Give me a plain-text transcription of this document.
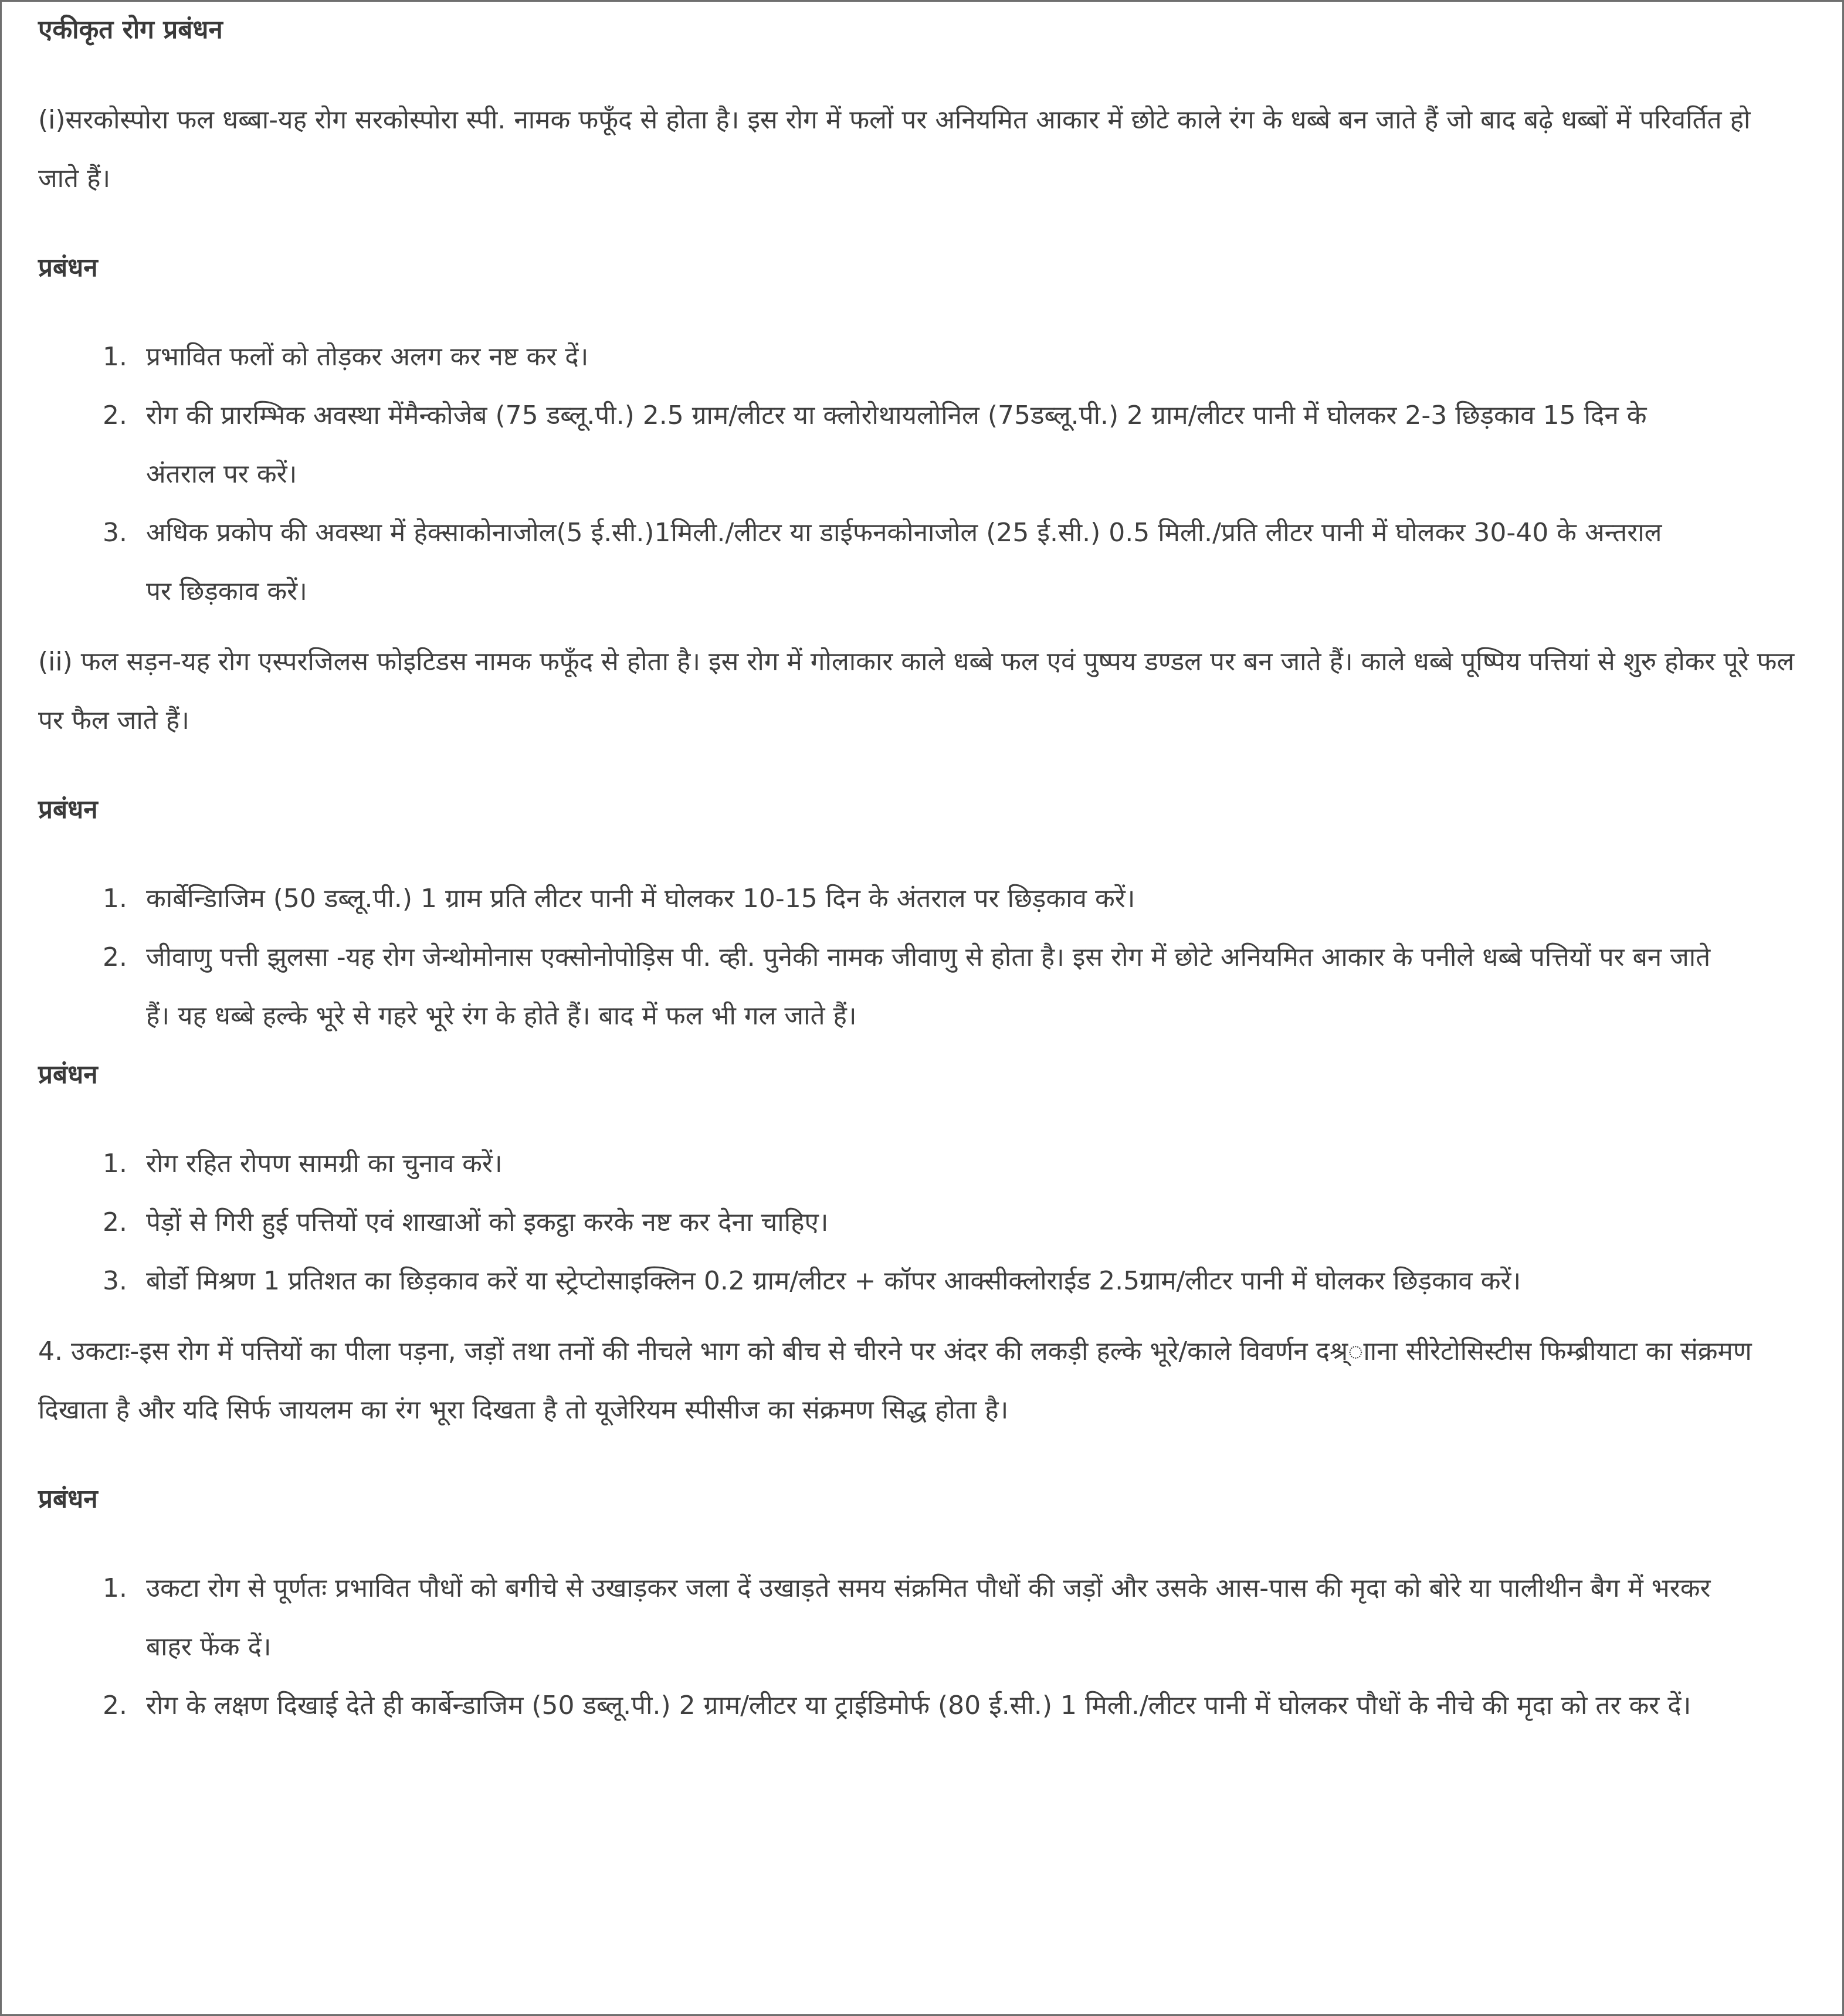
एकीकृत रोग प्रबंधन

(i)सरकोस्पोरा फल धब्बा-यह रोग सरकोस्पोरा स्पी. नामक फफूँद से होता है। इस रोग में फलों पर अनियमित आकार में छोटे काले रंग के धब्बे बन जाते हैं जो बाद बढ़े धब्बों में परिवर्तित हो जाते हैं।

प्रबंधन
1. प्रभावित फलों को तोड़कर अलग कर नष्ट कर दें।
2. रोग की प्रारम्भिक अवस्था मेंमैन्कोजेब (75 डब्लू.पी.) 2.5 ग्राम/लीटर या क्लोरोथायलोनिल (75डब्लू.पी.) 2 ग्राम/लीटर पानी में घोलकर 2-3 छिड़काव 15 दिन के अंतराल पर करें।
3. अधिक प्रकोप की अवस्था में हेक्साकोनाजोल(5 ई.सी.)1मिली./लीटर या डाईफनकोनाजोल (25 ई.सी.) 0.5 मिली./प्रति लीटर पानी में घोलकर 30-40 के अन्तराल पर छिड़काव करें।

(ii) फल सड़न-यह रोग एस्परजिलस फोइटिडस नामक फफूँद से होता है। इस रोग में गोलाकार काले धब्बे फल एवं पुष्पय डण्डल पर बन जाते हैं। काले धब्बे पूष्पिय पत्तियां से शुरु होकर पूरे फल पर फैल जाते हैं।

प्रबंधन
1. कार्बेन्डािजिम (50 डब्लू.पी.) 1 ग्राम प्रति लीटर पानी में घोलकर 10-15 दिन के अंतराल पर छिड़काव करें।
2. जीवाणु पत्ती झुलसा -यह रोग जेन्थोमोनास एक्सोनोपोड़िस पी. व्ही. पुनेकी नामक जीवाणु से होता है। इस रोग में छोटे अनियमित आकार के पनीले धब्बे पत्तियों पर बन जाते हैं। यह धब्बे हल्के भूरे से गहरे भूरे रंग के होते हैं। बाद में फल भी गल जाते हैं।
प्रबंधन
1. रोग रहित रोपण सामग्री का चुनाव करें।
2. पेड़ों से गिरी हुई पत्तियों एवं शाखाओं को इकट्ठा करके नष्ट कर देना चाहिए।
3. बोर्डो मिश्रण 1 प्रतिशत का छिड़काव करें या स्ट्रेप्टोसाइक्लिन 0.2 ग्राम/लीटर + कॉपर आक्सीक्लोराईड 2.5ग्राम/लीटर पानी में घोलकर छिड़काव करें।

4. उकटाः-इस रोग में पत्तियों का पीला पड़ना, जड़ों तथा तनों की नीचले भाग को बीच से चीरने पर अंदर की लकड़ी हल्के भूरे/काले विवर्णन दश्र्ााना सीरेटोसिस्टीस फिम्ब्रीयाटा का संक्रमण दिखाता है और यदि सिर्फ जायलम का रंग भूरा दिखता है तो यूजेरियम स्पीसीज का संक्रमण सिद्ध होता है।

प्रबंधन
1. उकटा रोग से पूर्णतः प्रभावित पौधों को बगीचे से उखाड़कर जला दें उखाड़ते समय संक्रमित पौधों की जड़ों और उसके आस-पास की मृदा को बोरे या पालीथीन बैग में भरकर बाहर फेंक दें।
2. रोग के लक्षण दिखाई देते ही कार्बेन्डाजिम (50 डब्लू.पी.) 2 ग्राम/लीटर या ट्राईडिमोर्फ (80 ई.सी.) 1 मिली./लीटर पानी में घोलकर पौधों के नीचे की मृदा को तर कर दें।
